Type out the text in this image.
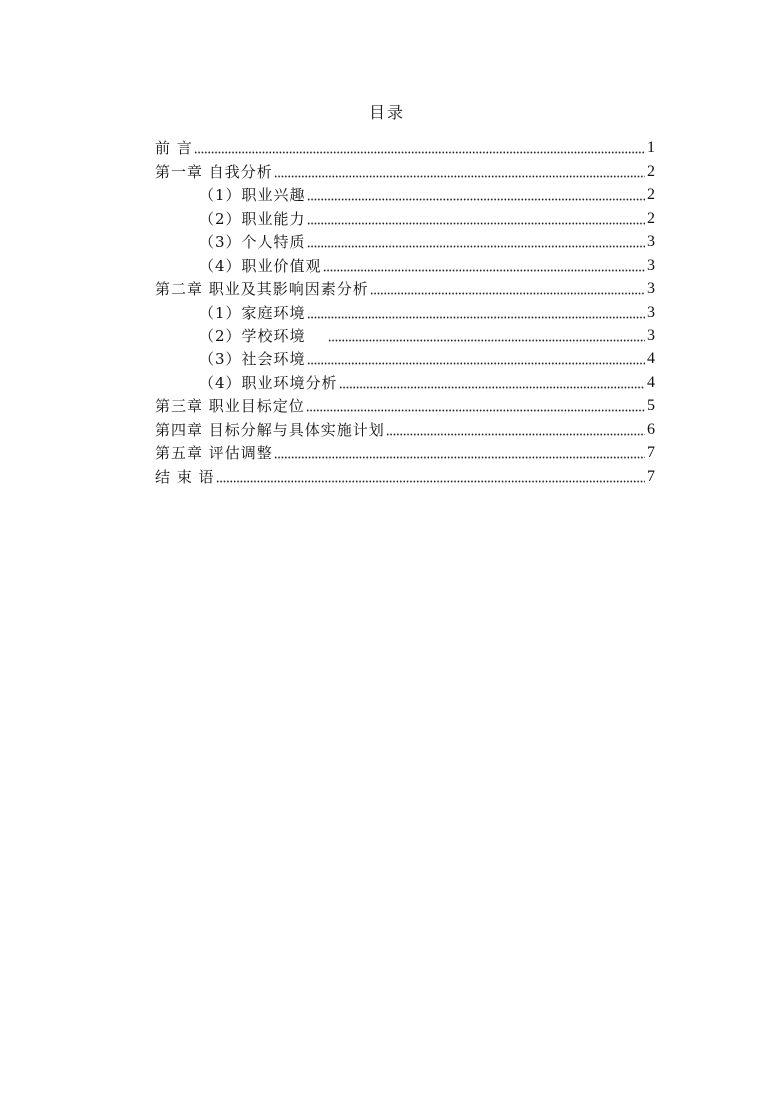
目录
前 言	1
第一章 自我分析	2
（1）职业兴趣	2
（2）职业能力	2
（3）个人特质	3
（4）职业价值观	3
第二章 职业及其影响因素分析	3
（1）家庭环境	3
（2）学校环境	3
（3）社会环境	4
（4）职业环境分析	4
第三章 职业目标定位	5
第四章 目标分解与具体实施计划	6
第五章 评估调整	7
结 束 语	7
